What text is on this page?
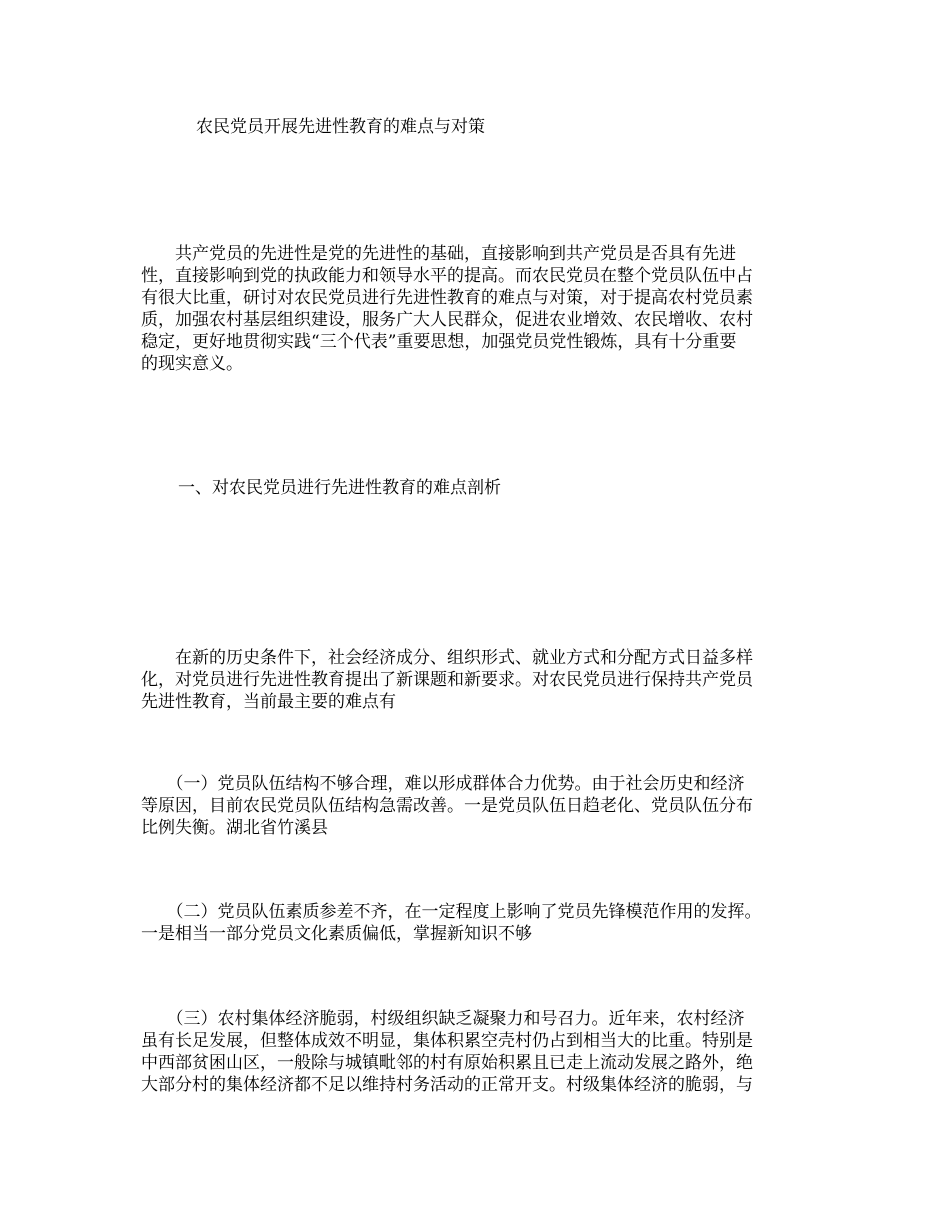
农民党员开展先进性教育的难点与对策

　　共产党员的先进性是党的先进性的基础，直接影响到共产党员是否具有先进
性，直接影响到党的执政能力和领导水平的提高。而农民党员在整个党员队伍中占
有很大比重，研讨对农民党员进行先进性教育的难点与对策，对于提高农村党员素
质，加强农村基层组织建设，服务广大人民群众，促进农业增效、农民增收、农村
稳定，更好地贯彻实践“三个代表”重要思想，加强党员党性锻炼，具有十分重要
的现实意义。

一、对农民党员进行先进性教育的难点剖析

　　在新的历史条件下，社会经济成分、组织形式、就业方式和分配方式日益多样
化，对党员进行先进性教育提出了新课题和新要求。对农民党员进行保持共产党员
先进性教育，当前最主要的难点有

　　（一）党员队伍结构不够合理，难以形成群体合力优势。由于社会历史和经济
等原因，目前农民党员队伍结构急需改善。一是党员队伍日趋老化、党员队伍分布
比例失衡。湖北省竹溪县

　　（二）党员队伍素质参差不齐，在一定程度上影响了党员先锋模范作用的发挥。
一是相当一部分党员文化素质偏低，掌握新知识不够

　　（三）农村集体经济脆弱，村级组织缺乏凝聚力和号召力。近年来，农村经济
虽有长足发展，但整体成效不明显，集体积累空壳村仍占到相当大的比重。特别是
中西部贫困山区，一般除与城镇毗邻的村有原始积累且已走上流动发展之路外，绝
大部分村的集体经济都不足以维持村务活动的正常开支。村级集体经济的脆弱，与
